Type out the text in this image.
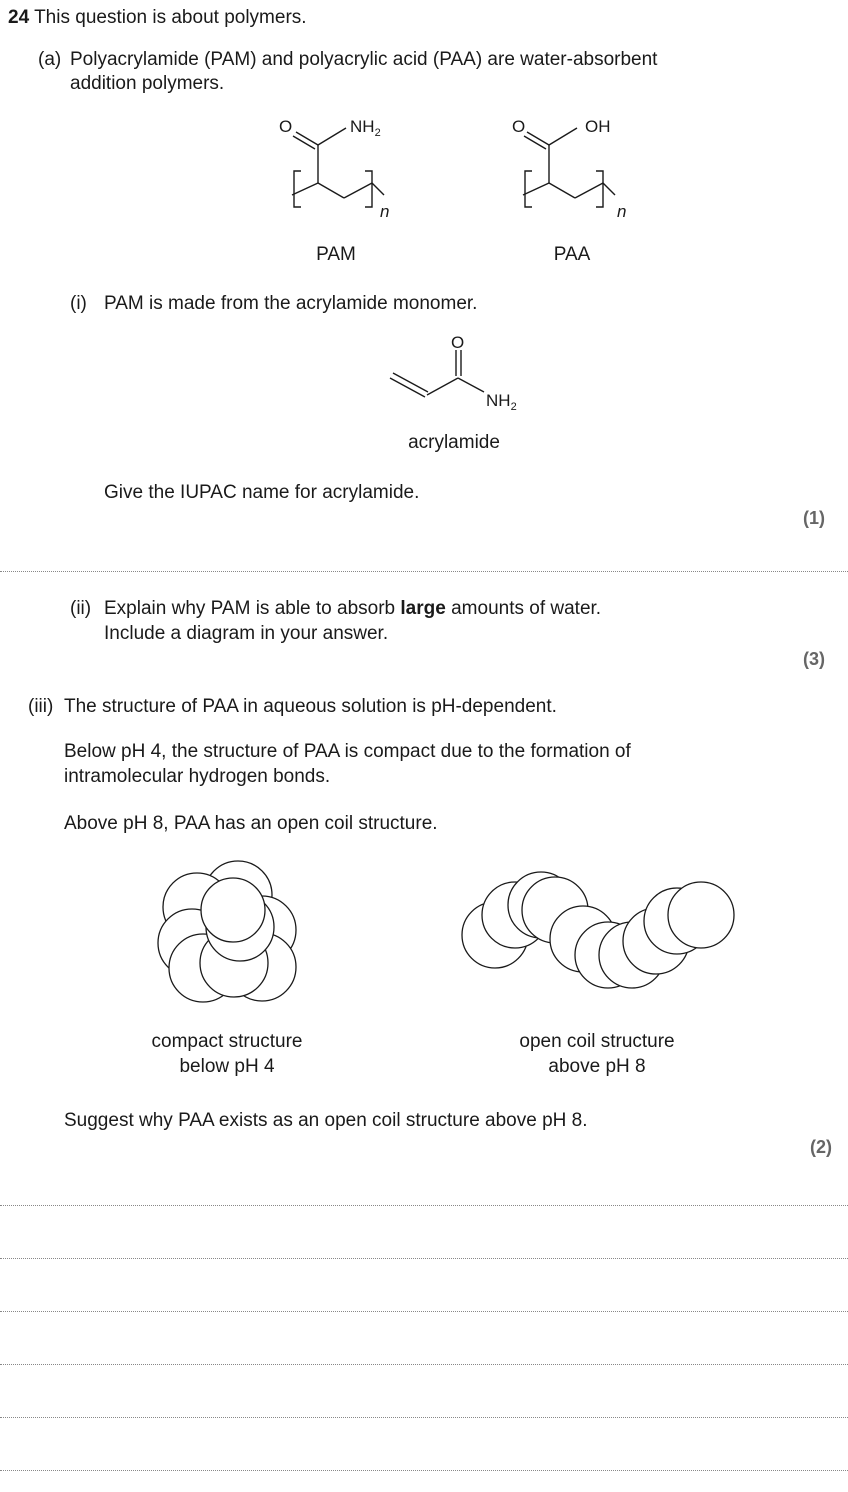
24 This question is about polymers.
(a) Polyacrylamide (PAM) and polyacrylic acid (PAA) are water-absorbent
addition polymers.
O	$NH_2$
n
PAM
O	OH
n
PAA
(i) PAM is made from the acrylamide monomer.
O
$NH_2$
acrylamide
Give the IUPAC name for acrylamide.
(1)
(ii) Explain why PAM is able to absorb large amounts of water.
Include a diagram in your answer.
(3)
(iii) The structure of PAA in aqueous solution is pH-dependent.
Below pH 4, the structure of PAA is compact due to the formation of
intramolecular hydrogen bonds.
Above pH 8, PAA has an open coil structure.
compact structure
below pH 4
open coil structure
above pH 8
Suggest why PAA exists as an open coil structure above pH 8.
(2)
